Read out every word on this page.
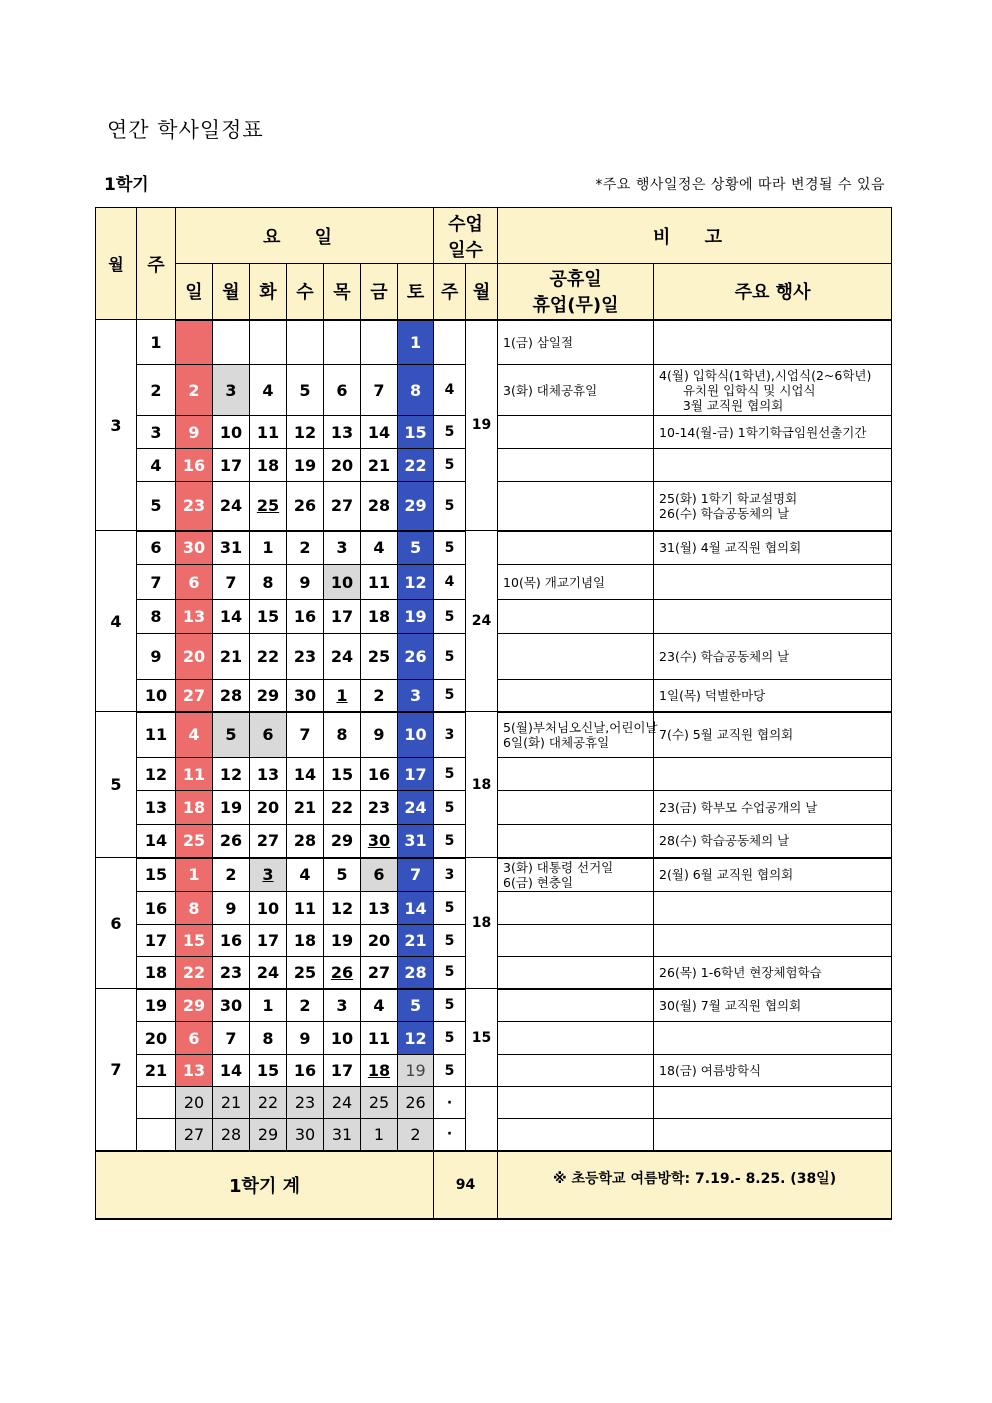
연간 학사일정표
1학기	*주요 행사일정은 상황에 따라 변경될 수 있음
월	주	요 일							수업
일수		비 고	
		일	월	화	수	목	금	토	주	월	공휴일
휴업(무)일	주요 행사
3	1							1		19	1(금) 삼일절	
	2	2	3	4	5	6	7	8	4		3(화) 대체공휴일	4(월) 입학식(1학년),시업식(2~6학년)
유치원 입학식 및 시업식
3월 교직원 협의회
	3	9	10	11	12	13	14	15	5			10-14(월-금) 1학기학급임원선출기간
	4	16	17	18	19	20	21	22	5			
	5	23	24	25	26	27	28	29	5			25(화) 1학기 학교설명회
26(수) 학습공동체의 날
4	6	30	31	1	2	3	4	5	5	24		31(월) 4월 교직원 협의회
	7	6	7	8	9	10	11	12	4		10(목) 개교기념일	
	8	13	14	15	16	17	18	19	5			
	9	20	21	22	23	24	25	26	5			23(수) 학습공동체의 날
	10	27	28	29	30	1	2	3	5			1일(목) 덕벌한마당
5	11	4	5	6	7	8	9	10	3	18	5(월)부처님오신날,어린이날
6일(화) 대체공휴일	7(수) 5월 교직원 협의회
	12	11	12	13	14	15	16	17	5			
	13	18	19	20	21	22	23	24	5			23(금) 학부모 수업공개의 날
	14	25	26	27	28	29	30	31	5			28(수) 학습공동체의 날
6	15	1	2	3	4	5	6	7	3	18	3(화) 대통령 선거일
6(금) 현충일	2(월) 6월 교직원 협의회
	16	8	9	10	11	12	13	14	5			
	17	15	16	17	18	19	20	21	5			
	18	22	23	24	25	26	27	28	5			26(목) 1-6학년 현장체험학습
7	19	29	30	1	2	3	4	5	5	15		30(월) 7월 교직원 협의회
	20	6	7	8	9	10	11	12	5			
	21	13	14	15	16	17	18	19	5			18(금) 여름방학식
		20	21	22	23	24	25	26	·			
		27	28	29	30	31	1	2	·			
1학기 계									94		※ 초등학교 여름방학: 7.19.- 8.25. (38일)	
